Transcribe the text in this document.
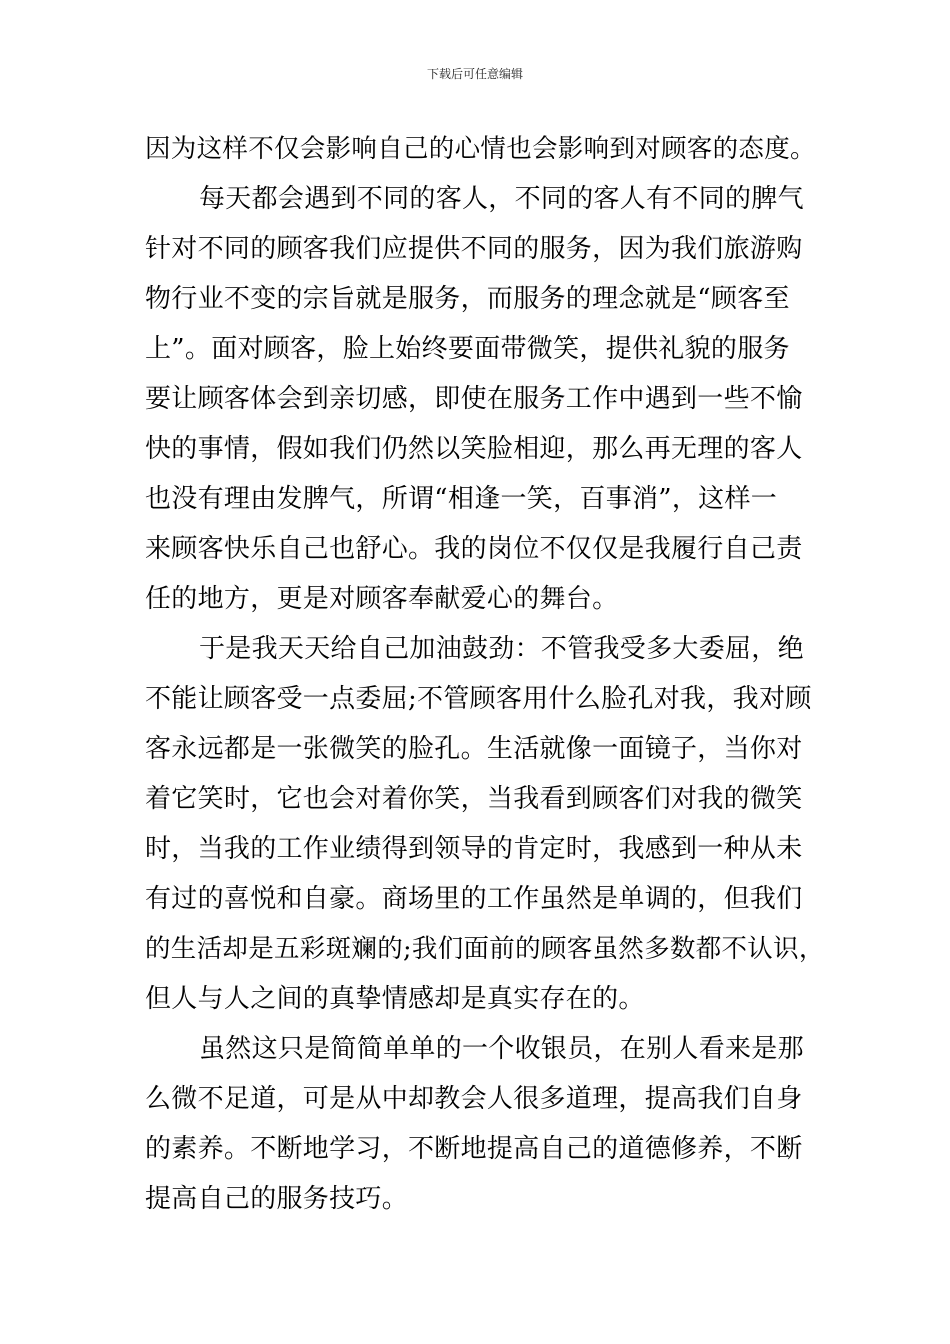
下载后可任意编辑
因为这样不仅会影响自己的心情也会影响到对顾客的态度。
每天都会遇到不同的客人，不同的客人有不同的脾气
针对不同的顾客我们应提供不同的服务，因为我们旅游购
物行业不变的宗旨就是服务，而服务的理念就是“顾客至
上”。面对顾客，脸上始终要面带微笑，提供礼貌的服务
要让顾客体会到亲切感，即使在服务工作中遇到一些不愉
快的事情，假如我们仍然以笑脸相迎，那么再无理的客人
也没有理由发脾气，所谓“相逢一笑，百事消”，这样一
来顾客快乐自己也舒心。我的岗位不仅仅是我履行自己责
任的地方，更是对顾客奉献爱心的舞台。
于是我天天给自己加油鼓劲：不管我受多大委屈，绝
不能让顾客受一点委屈;不管顾客用什么脸孔对我，我对顾
客永远都是一张微笑的脸孔。生活就像一面镜子，当你对
着它笑时，它也会对着你笑，当我看到顾客们对我的微笑
时，当我的工作业绩得到领导的肯定时，我感到一种从未
有过的喜悦和自豪。商场里的工作虽然是单调的，但我们
的生活却是五彩斑斓的;我们面前的顾客虽然多数都不认识，
但人与人之间的真挚情感却是真实存在的。
虽然这只是简简单单的一个收银员，在别人看来是那
么微不足道，可是从中却教会人很多道理，提高我们自身
的素养。不断地学习，不断地提高自己的道德修养，不断
提高自己的服务技巧。
